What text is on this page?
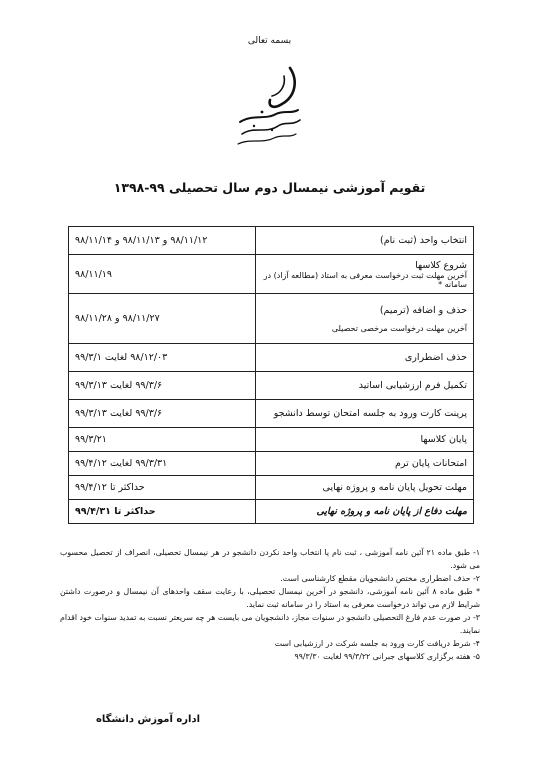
بسمه تعالی
تقویم آموزشی نیمسال دوم سال تحصیلی ۹۹-۱۳۹۸
انتخاب واحد (ثبت نام)	۹۸/۱۱/۱۲ و ۹۸/۱۱/۱۳ و ۹۸/۱۱/۱۴
شروع کلاسها
آخرین مهلت ثبت درخواست معرفی به استاد (مطالعه آزاد) در سامانه *	۹۸/۱۱/۱۹
حذف و اضافه (ترمیم)
آخرین مهلت درخواست مرخصی تحصیلی	۹۸/۱۱/۲۷ و ۹۸/۱۱/۲۸
حذف اضطراری	۹۸/۱۲/۰۳ لغایت ۹۹/۳/۱
تکمیل فرم ارزشیابی اساتید	۹۹/۳/۶ لغایت ۹۹/۳/۱۳
پرینت کارت ورود به جلسه امتحان توسط دانشجو	۹۹/۳/۶ لغایت ۹۹/۳/۱۳
پایان کلاسها	۹۹/۳/۲۱
امتحانات پایان ترم	۹۹/۳/۳۱ لغایت ۹۹/۴/۱۲
مهلت تحویل پایان نامه و پروژه نهایی	حداکثر تا ۹۹/۴/۱۲
مهلت دفاع از پایان نامه و پروژه نهایی	حداکثر تا ۹۹/۴/۳۱
۱- طبق ماده ۲۱ آئین نامه آموزشی ، ثبت نام یا انتخاب واحد نکردن دانشجو در هر نیمسال تحصیلی، انصراف از تحصیل محسوب می شود.
۲- حذف اضطراری مختص دانشجویان مقطع کارشناسی است.
* طبق ماده ۸ آئین نامه آموزشی، دانشجو در آخرین نیمسال تحصیلی، با رعایت سقف واحدهای آن نیمسال و درصورت داشتن شرایط لازم می تواند درخواست معرفی به استاد را در سامانه ثبت نماید.
۳- در صورت عدم فارغ التحصیلی دانشجو در سنوات مجاز، دانشجویان می بایست هر چه سریعتر نسبت به تمدید سنوات خود اقدام نمایند.
۴- شرط دریافت کارت ورود به جلسه شرکت در ارزشیابی است
۵- هفته برگزاری کلاسهای جبرانی ۹۹/۳/۲۲ لغایت ۹۹/۳/۳۰
اداره آموزش دانشگاه
